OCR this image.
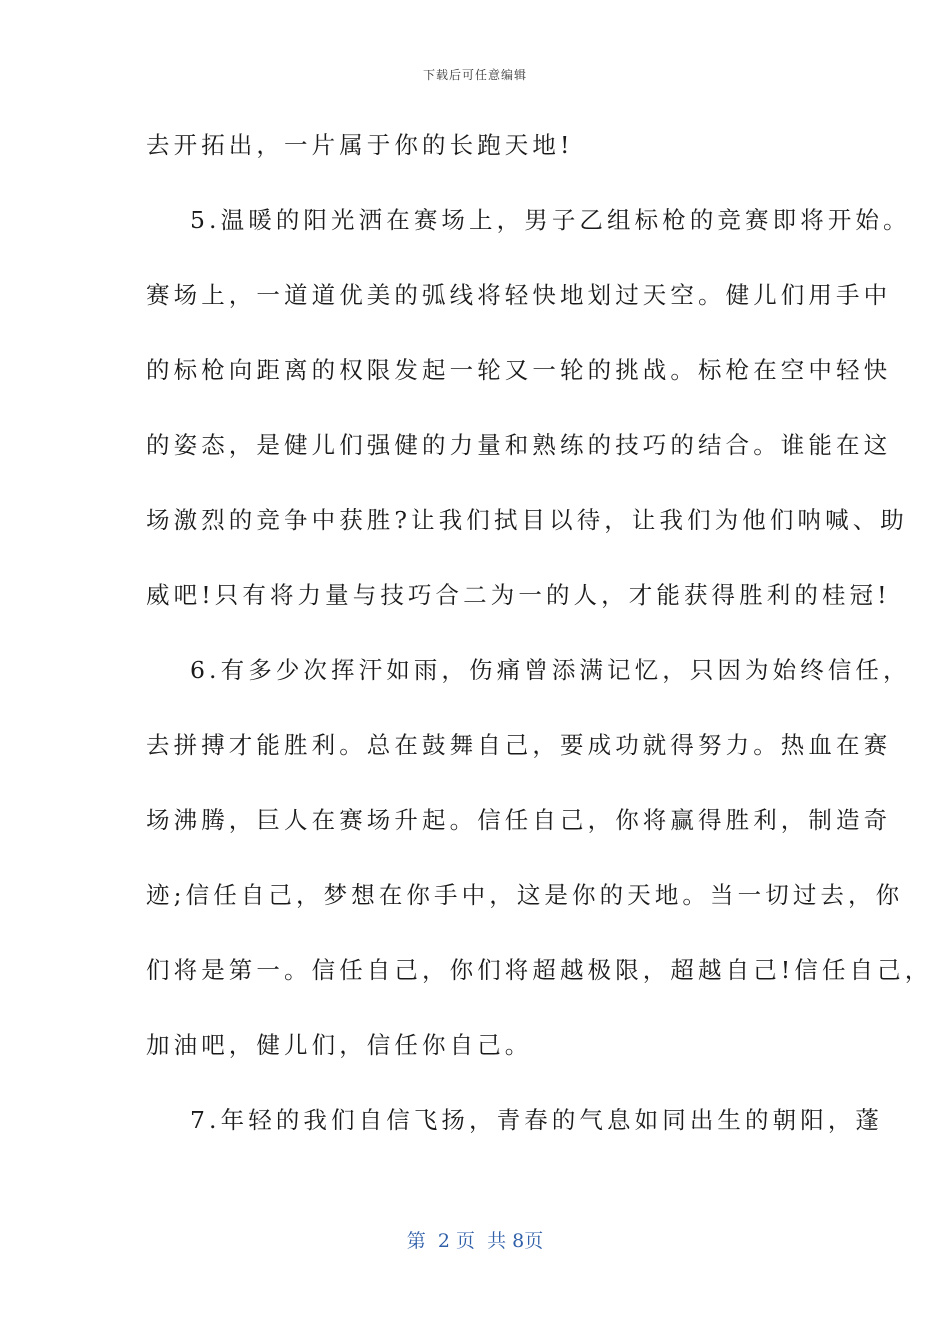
下载后可任意编辑
去开拓出，一片属于你的长跑天地!
5.温暖的阳光洒在赛场上，男子乙组标枪的竞赛即将开始。
赛场上，一道道优美的弧线将轻快地划过天空。健儿们用手中
的标枪向距离的权限发起一轮又一轮的挑战。标枪在空中轻快
的姿态，是健儿们强健的力量和熟练的技巧的结合。谁能在这
场激烈的竞争中获胜?让我们拭目以待，让我们为他们呐喊、助
威吧!只有将力量与技巧合二为一的人，才能获得胜利的桂冠!
6.有多少次挥汗如雨，伤痛曾添满记忆，只因为始终信任，
去拼搏才能胜利。总在鼓舞自己，要成功就得努力。热血在赛
场沸腾，巨人在赛场升起。信任自己，你将赢得胜利，制造奇
迹;信任自己，梦想在你手中，这是你的天地。当一切过去，你
们将是第一。信任自己，你们将超越极限，超越自己!信任自己，
加油吧，健儿们，信任你自己。
7.年轻的我们自信飞扬，青春的气息如同出生的朝阳，蓬
第  2 页  共 8页
